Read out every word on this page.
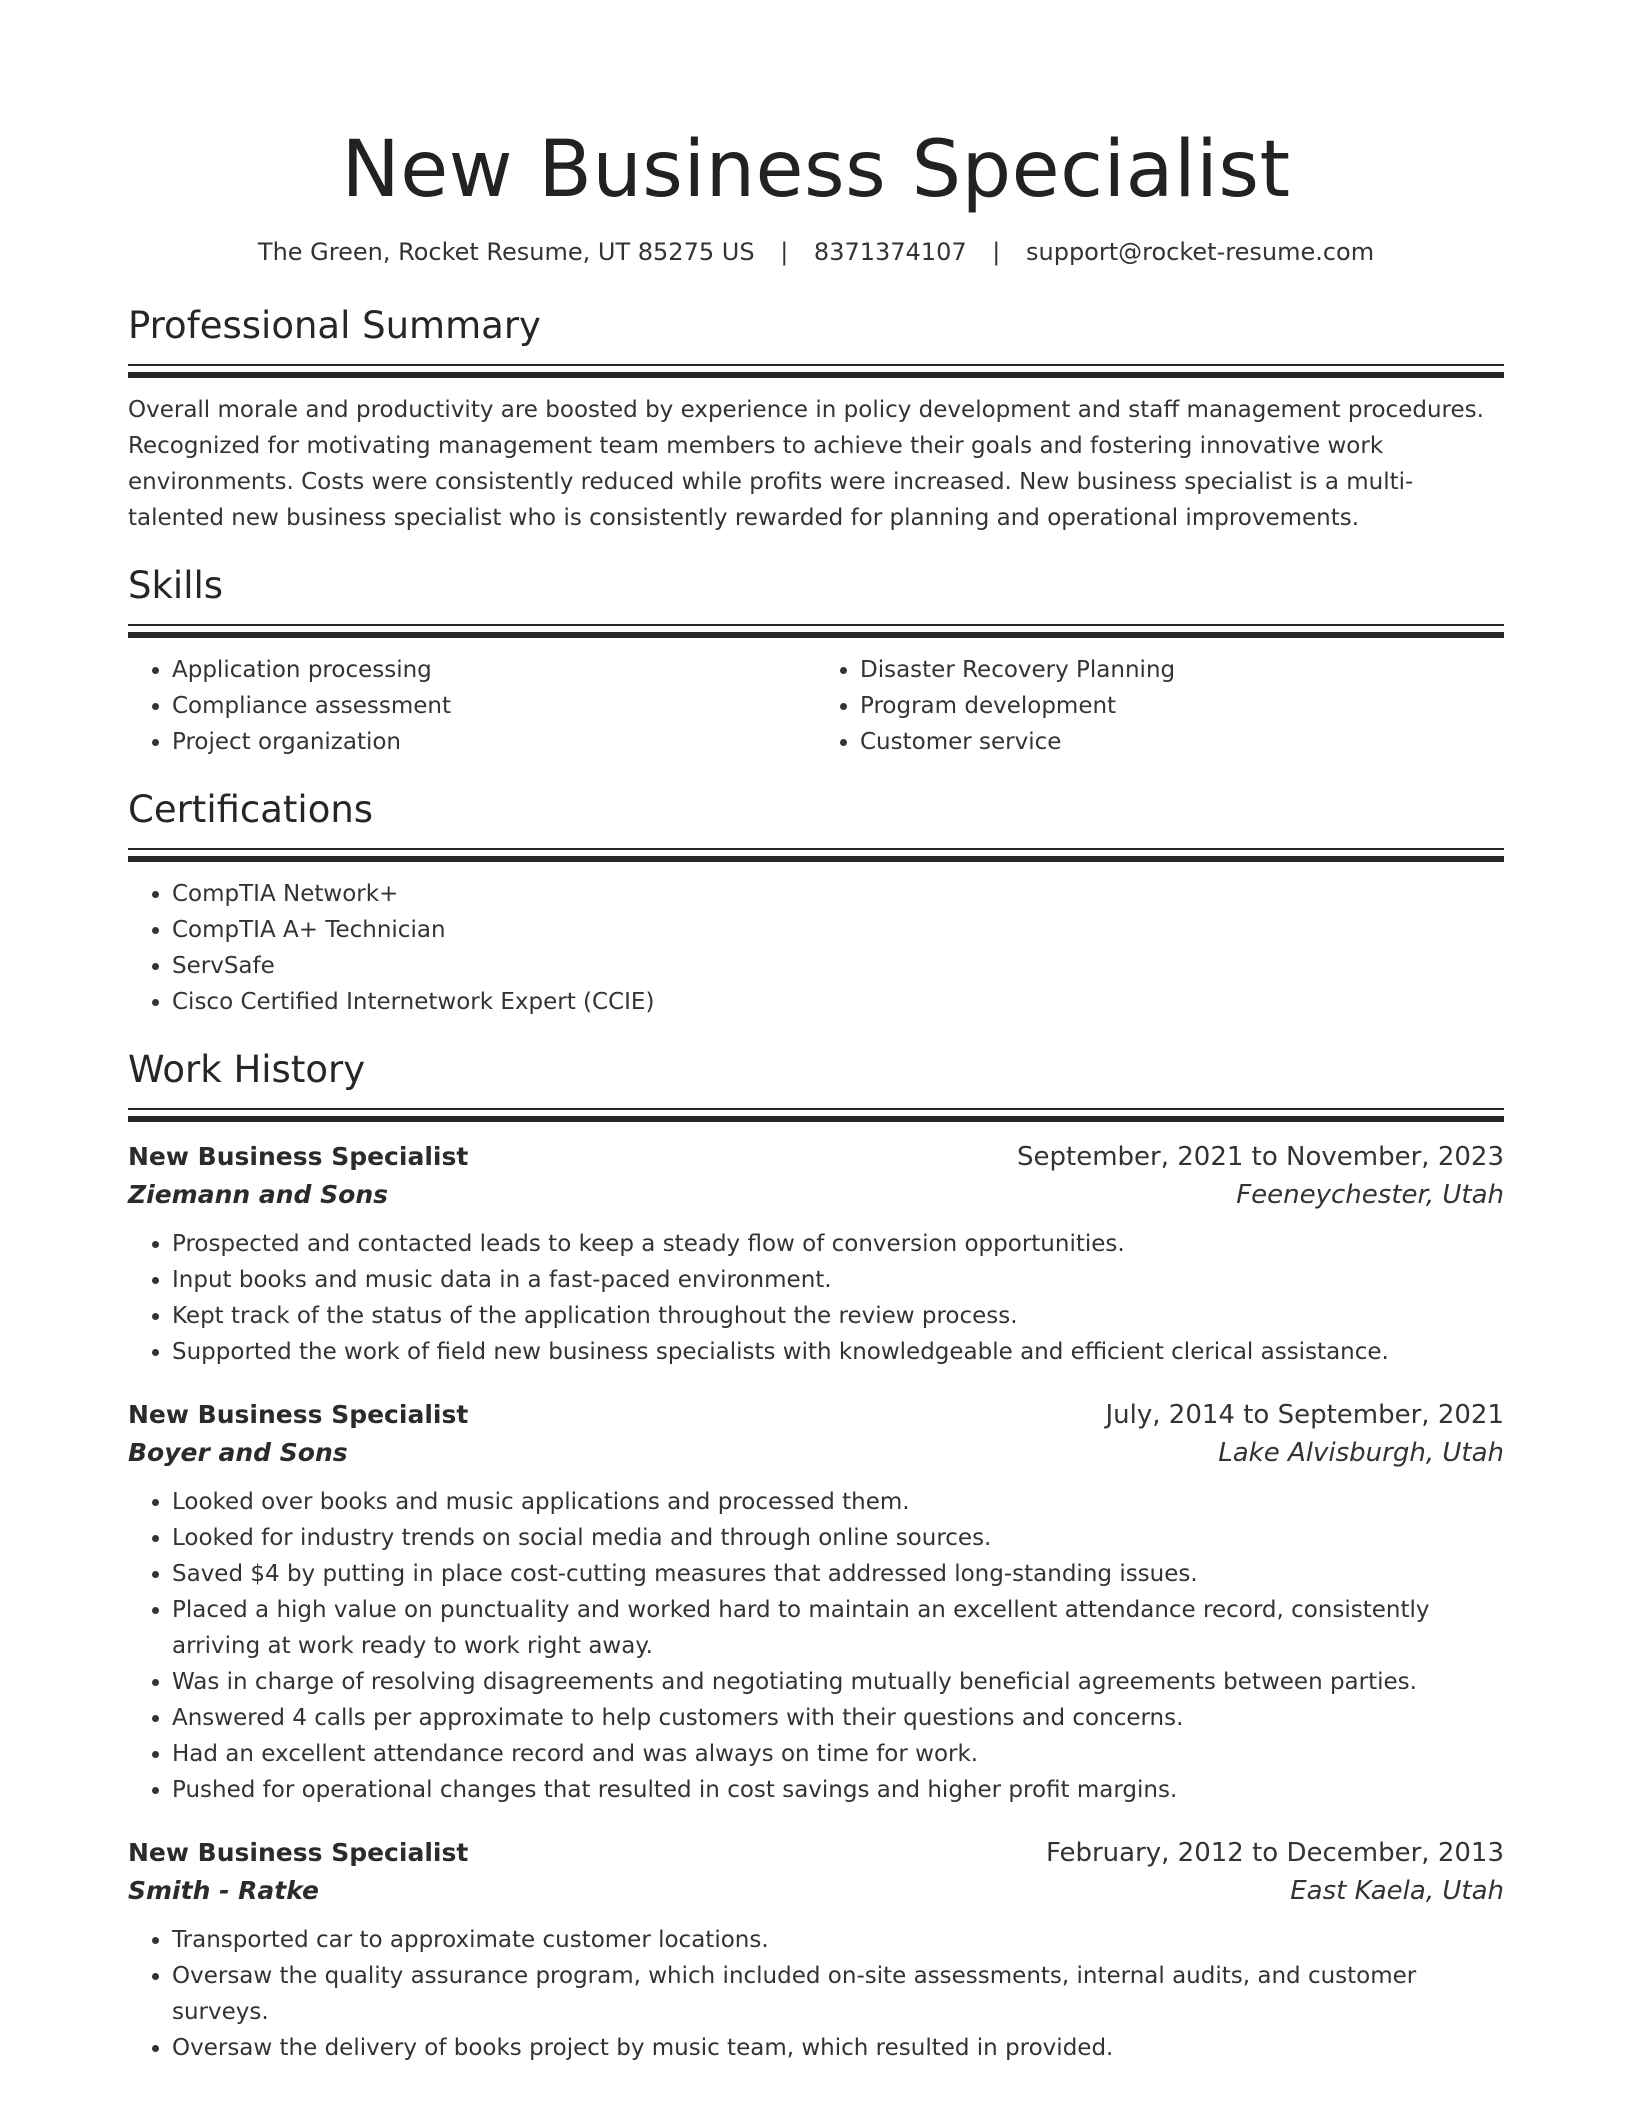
New Business Specialist
The Green, Rocket Resume, UT 85275 US | 8371374107 | support@rocket-resume.com
Professional Summary

Overall morale and productivity are boosted by experience in policy development and staff management procedures. Recognized for motivating management team members to achieve their goals and fostering innovative work environments. Costs were consistently reduced while profits were increased. New business specialist is a multi-talented new business specialist who is consistently rewarded for planning and operational improvements.

Skills
• Application processing
• Compliance assessment
• Project organization
• Disaster Recovery Planning
• Program development
• Customer service
Certifications
• CompTIA Network+
• CompTIA A+ Technician
• ServSafe
• Cisco Certified Internetwork Expert (CCIE)
Work History
New Business Specialist	September, 2021 to November, 2023
Ziemann and Sons	Feeneychester, Utah
• Prospected and contacted leads to keep a steady flow of conversion opportunities.
• Input books and music data in a fast-paced environment.
• Kept track of the status of the application throughout the review process.
• Supported the work of field new business specialists with knowledgeable and efficient clerical assistance.
New Business Specialist	July, 2014 to September, 2021
Boyer and Sons	Lake Alvisburgh, Utah
• Looked over books and music applications and processed them.
• Looked for industry trends on social media and through online sources.
• Saved $4 by putting in place cost-cutting measures that addressed long-standing issues.
• Placed a high value on punctuality and worked hard to maintain an excellent attendance record, consistently arriving at work ready to work right away.
• Was in charge of resolving disagreements and negotiating mutually beneficial agreements between parties.
• Answered 4 calls per approximate to help customers with their questions and concerns.
• Had an excellent attendance record and was always on time for work.
• Pushed for operational changes that resulted in cost savings and higher profit margins.
New Business Specialist	February, 2012 to December, 2013
Smith - Ratke	East Kaela, Utah
• Transported car to approximate customer locations.
• Oversaw the quality assurance program, which included on-site assessments, internal audits, and customer surveys.
• Oversaw the delivery of books project by music team, which resulted in provided.
